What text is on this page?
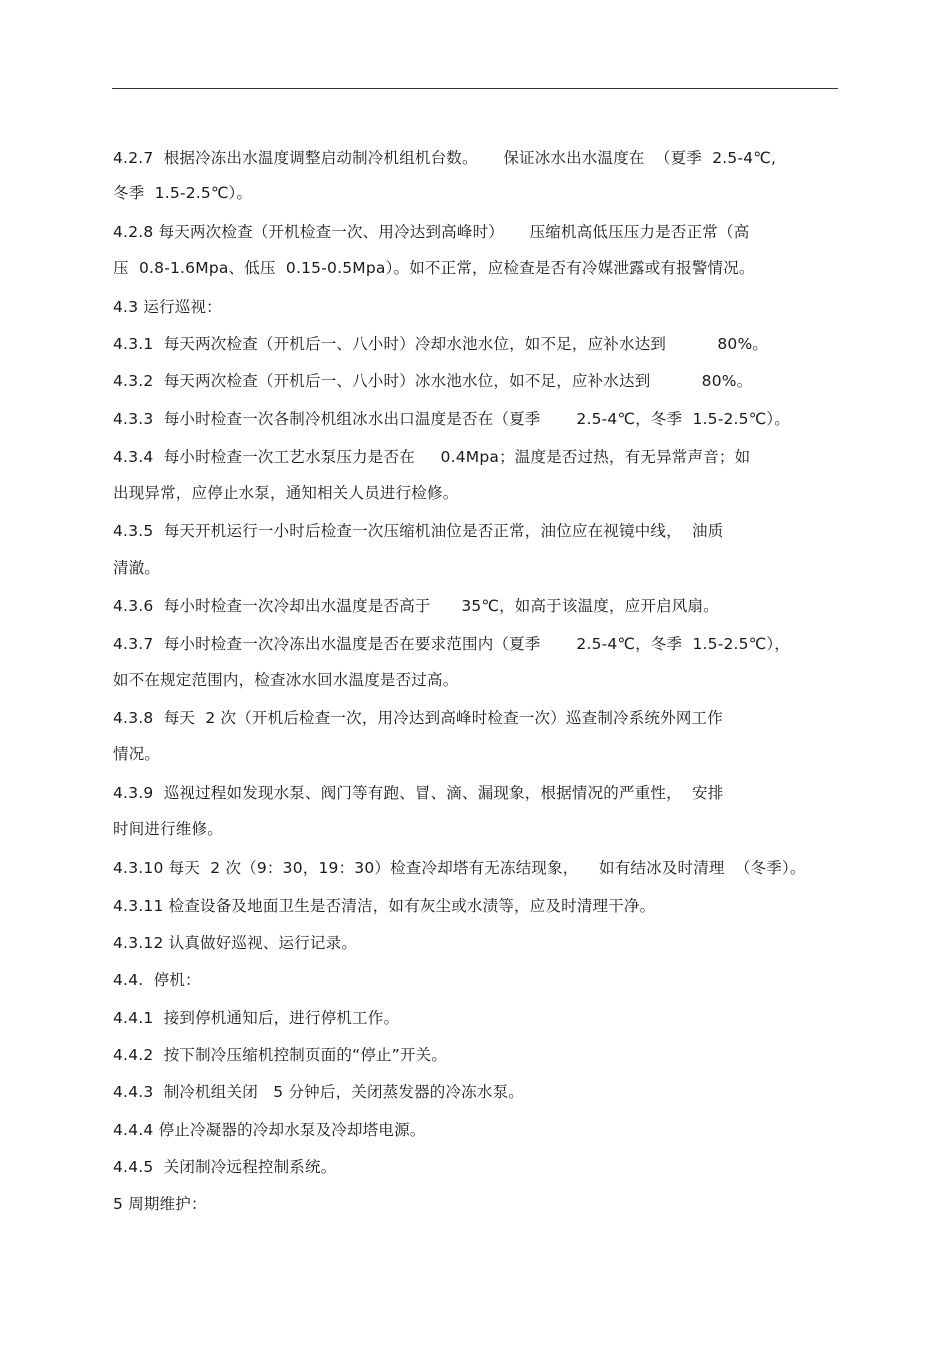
4.2.7  根据冷冻出水温度调整启动制冷机组机台数。     保证冰水出水温度在  （夏季  2.5-4℃,
冬季  1.5-2.5℃）。
4.2.8 每天两次检查（开机检查一次、用冷达到高峰时）     压缩机高低压压力是否正常（高
压  0.8-1.6Mpa、低压  0.15-0.5Mpa）。如不正常，应检查是否有冷媒泄露或有报警情况。
4.3 运行巡视：
4.3.1  每天两次检查（开机后一、八小时）冷却水池水位，如不足，应补水达到          80%。
4.3.2  每天两次检查（开机后一、八小时）冰水池水位，如不足，应补水达到          80%。
4.3.3  每小时检查一次各制冷机组冰水出口温度是否在（夏季       2.5-4℃，冬季  1.5-2.5℃）。
4.3.4  每小时检查一次工艺水泵压力是否在     0.4Mpa；温度是否过热，有无异常声音；如
出现异常，应停止水泵，通知相关人员进行检修。
4.3.5  每天开机运行一小时后检查一次压缩机油位是否正常，油位应在视镜中线，  油质
清澈。
4.3.6  每小时检查一次冷却出水温度是否高于      35℃，如高于该温度，应开启风扇。
4.3.7  每小时检查一次冷冻出水温度是否在要求范围内（夏季       2.5-4℃，冬季  1.5-2.5℃），
如不在规定范围内，检查冰水回水温度是否过高。
4.3.8  每天  2 次（开机后检查一次，用冷达到高峰时检查一次）巡查制冷系统外网工作
情况。
4.3.9  巡视过程如发现水泵、阀门等有跑、冒、滴、漏现象，根据情况的严重性，  安排
时间进行维修。
4.3.10 每天  2 次（9：30，19：30）检查冷却塔有无冻结现象，    如有结冰及时清理  （冬季）。
4.3.11 检查设备及地面卫生是否清洁，如有灰尘或水渍等，应及时清理干净。
4.3.12 认真做好巡视、运行记录。
4.4.  停机：
4.4.1  接到停机通知后，进行停机工作。
4.4.2  按下制冷压缩机控制页面的“停止”开关。
4.4.3  制冷机组关闭   5 分钟后，关闭蒸发器的冷冻水泵。
4.4.4 停止冷凝器的冷却水泵及冷却塔电源。
4.4.5  关闭制冷远程控制系统。
5 周期维护：
